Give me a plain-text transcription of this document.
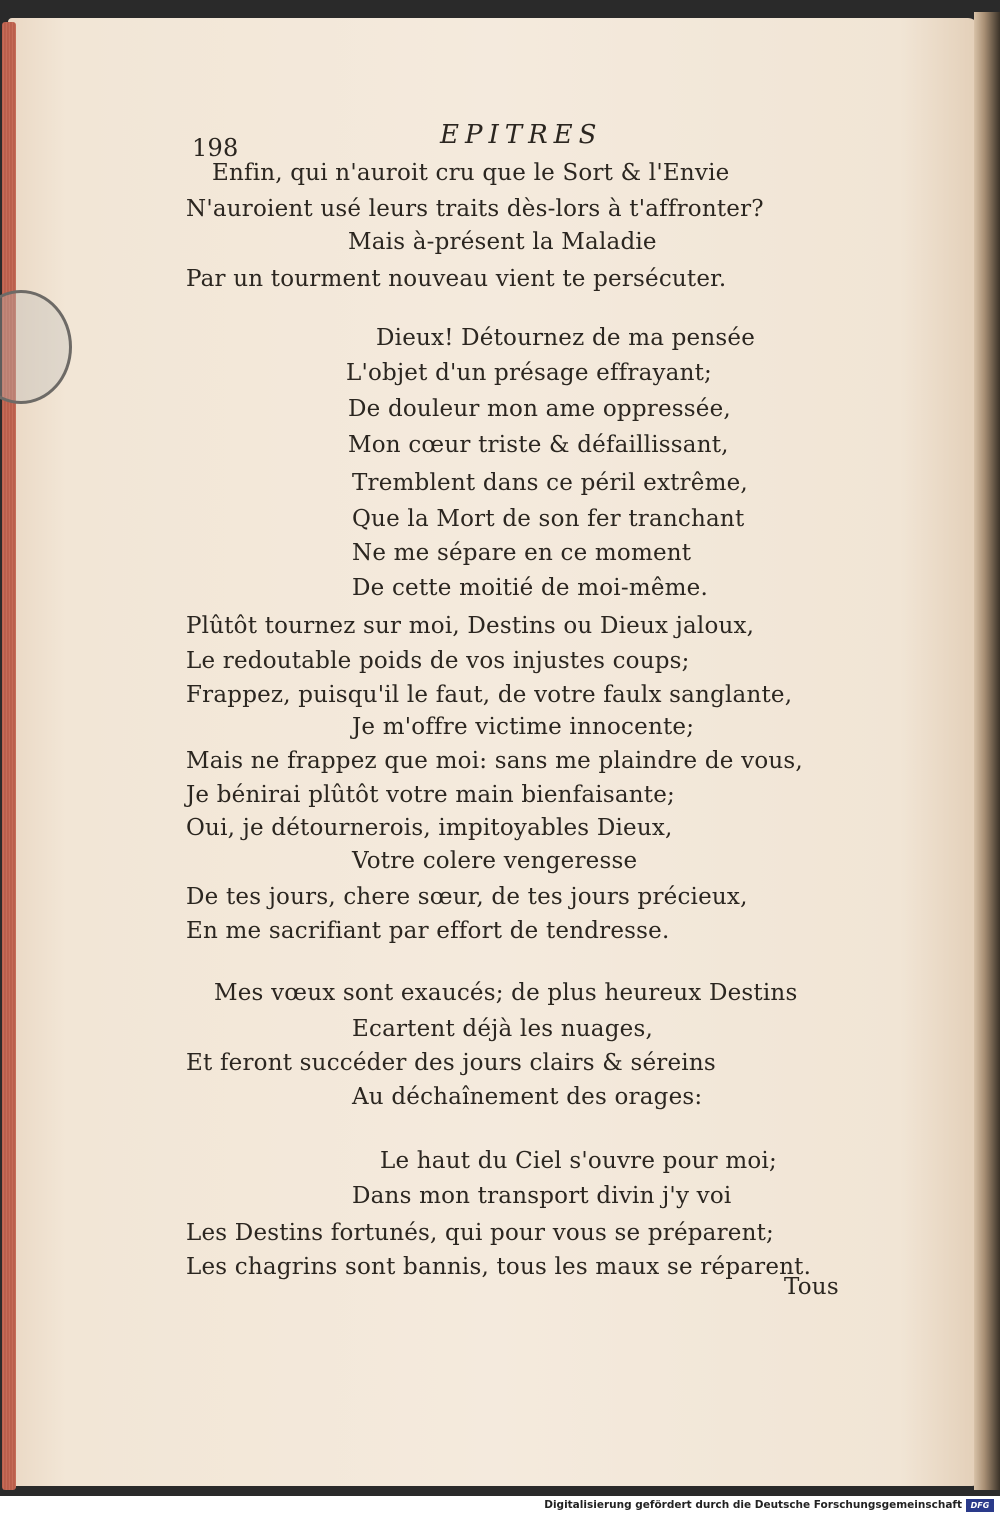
198	EPITRES
Enfin, qui n'auroit cru que le Sort & l'Envie
N'auroient usé leurs traits dès-lors à t'affronter?
Mais à-présent la Maladie
Par un tourment nouveau vient te persécuter.
Dieux! Détournez de ma pensée
L'objet d'un présage effrayant;
De douleur mon ame oppressée,
Mon cœur triste & défaillissant,
Tremblent dans ce péril extrême,
Que la Mort de son fer tranchant
Ne me sépare en ce moment
De cette moitié de moi-même.
Plûtôt tournez sur moi, Destins ou Dieux jaloux,
Le redoutable poids de vos injustes coups;
Frappez, puisqu'il le faut, de votre faulx sanglante,
Je m'offre victime innocente;
Mais ne frappez que moi: sans me plaindre de vous,
Je bénirai plûtôt votre main bienfaisante;
Oui, je détournerois, impitoyables Dieux,
Votre colere vengeresse
De tes jours, chere sœur, de tes jours précieux,
En me sacrifiant par effort de tendresse.
Mes vœux sont exaucés; de plus heureux Destins
Ecartent déjà les nuages,
Et feront succéder des jours clairs & séreins
Au déchaînement des orages:
Le haut du Ciel s'ouvre pour moi;
Dans mon transport divin j'y voi
Les Destins fortunés, qui pour vous se préparent;
Les chagrins sont bannis, tous les maux se réparent.
Tous
Digitalisierung gefördert durch die Deutsche Forschungsgemeinschaft	DFG
